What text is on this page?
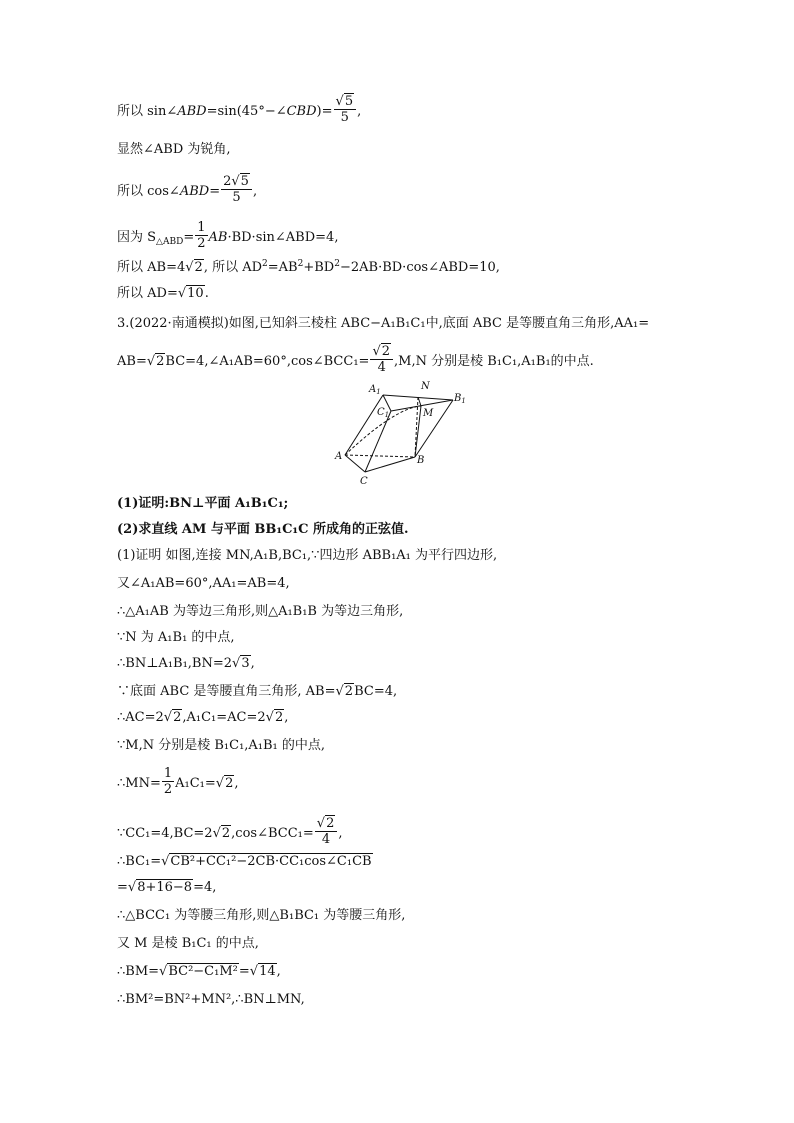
所以 sin∠ABD=sin(45°−∠CBD)= $\frac{√5}{5}$ ,
显然∠ABD 为锐角,
所以 cos∠ABD= $\frac{2√5}{5}$ ,
因为 $S_{\triangle ABD}= \frac{1}{2}$ AB·BD·sin∠ABD=4,
所以 AB=4√2, 所以 $AD^2=AB^2+BD^2-2AB\cdot BD\cdot\cos\angle ABD=10$,
所以 AD=√10.
3.(2022·南通模拟)如图,已知斜三棱柱 ABC−A₁B₁C₁中,底面 ABC 是等腰直角三角形,AA₁=
AB=√2BC=4,∠A₁AB=60°,cos∠BCC₁= $\frac{√2}{4} ,M,N$ 分别是棱 B₁C₁,A₁B₁的中点.
$A_1$	N
$B_1$
$C_1$	M
A	B
C
(1)证明:BN⊥平面 A₁B₁C₁;
(2)求直线 AM 与平面 BB₁C₁C 所成角的正弦值.
(1)证明 如图,连接 MN,A₁B,BC₁,∵四边形 ABB₁A₁ 为平行四边形,
又∠A₁AB=60°,AA₁=AB=4,
∴△A₁AB 为等边三角形,则△A₁B₁B 为等边三角形,
∵N 为 A₁B₁ 的中点,
∴BN⊥A₁B₁,BN=2√3,
∵底面 ABC 是等腰直角三角形, AB=√2BC=4,
∴AC=2√2,A₁C₁=AC=2√2,
∵M,N 分别是棱 B₁C₁,A₁B₁ 的中点,
∴MN= $\frac{1}{2} A_1C_1=√2$,
∵CC₁=4,BC=2√2,cos∠BCC₁= $\frac{√2}{4}$ ,
∴BC₁=√CB²+CC₁²−2CB·CC₁cos∠C₁CB
=√8+16−8=4,
∴△BCC₁ 为等腰三角形,则△B₁BC₁ 为等腰三角形,
又 M 是棱 B₁C₁ 的中点,
∴BM=√BC²−C₁M²=√14,
∴BM²=BN²+MN²,∴BN⊥MN,
